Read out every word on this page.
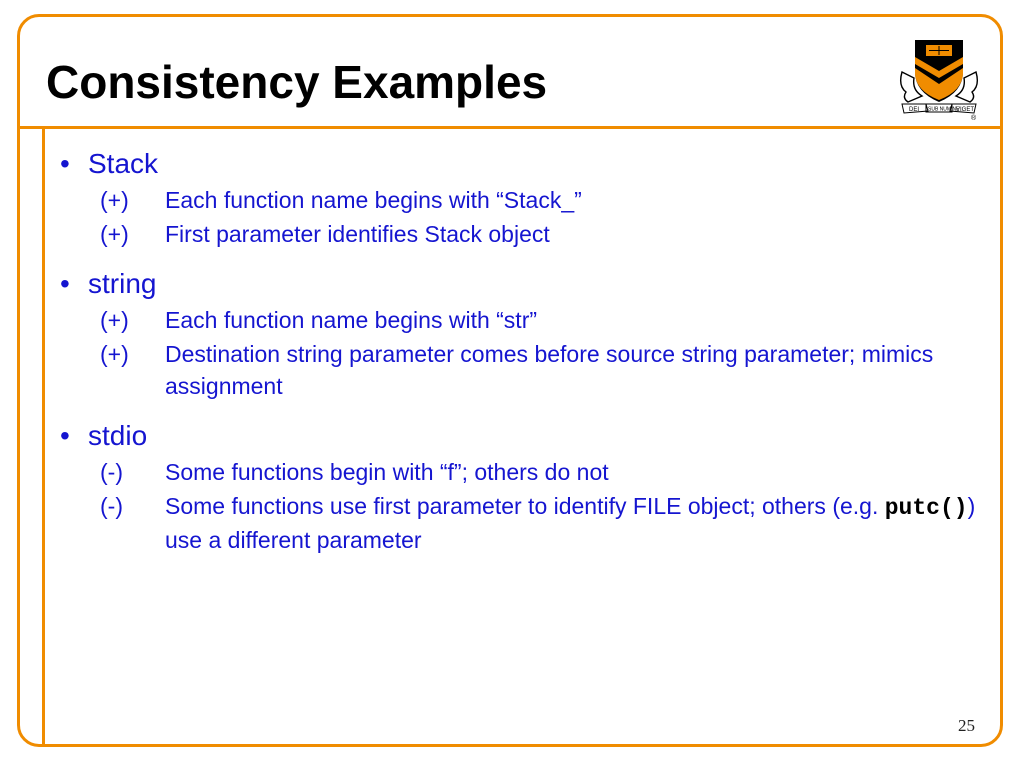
Consistency Examples
DEI SUB NUMINE
VIGET
®
• Stack
(+)	Each function name begins with “Stack_”
(+)	First parameter identifies Stack object
• string
(+)	Each function name begins with “str”
(+)	Destination string parameter comes before source string parameter; mimics assignment
• stdio
(-)	Some functions begin with “f”; others do not
(-)	Some functions use first parameter to identify FILE object; others (e.g. putc()) use a different parameter
25
